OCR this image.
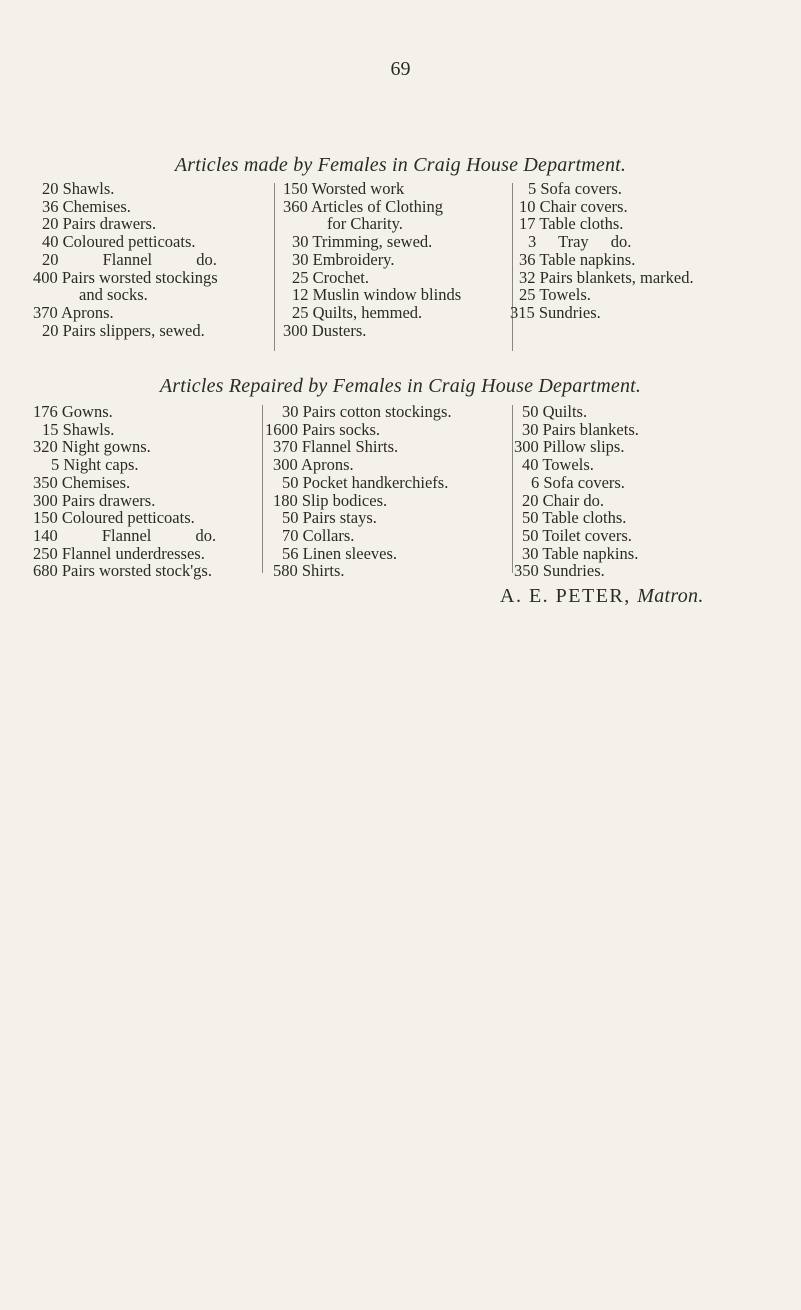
69
Articles made by Females in Craig House Department.
20 Shawls.
36 Chemises.
20 Pairs drawers.
40 Coloured petticoats.
20 Flannel do.
400 Pairs worsted stockings
and socks.
370 Aprons.
20 Pairs slippers, sewed.
150 Worsted work
360 Articles of Clothing
for Charity.
30 Trimming, sewed.
30 Embroidery.
25 Crochet.
12 Muslin window blinds
25 Quilts, hemmed.
300 Dusters.
5 Sofa covers.
10 Chair covers.
17 Table cloths.
3 Tray do.
36 Table napkins.
32 Pairs blankets, marked.
25 Towels.
315 Sundries.
Articles Repaired by Females in Craig House Department.
176 Gowns.
15 Shawls.
320 Night gowns.
5 Night caps.
350 Chemises.
300 Pairs drawers.
150 Coloured petticoats.
140 Flannel do.
250 Flannel underdresses.
680 Pairs worsted stock'gs.
30 Pairs cotton stockings.
1600 Pairs socks.
370 Flannel Shirts.
300 Aprons.
50 Pocket handkerchiefs.
180 Slip bodices.
50 Pairs stays.
70 Collars.
56 Linen sleeves.
580 Shirts.
50 Quilts.
30 Pairs blankets.
300 Pillow slips.
40 Towels.
6 Sofa covers.
20 Chair do.
50 Table cloths.
50 Toilet covers.
30 Table napkins.
350 Sundries.
A. E. PETER, Matron.
